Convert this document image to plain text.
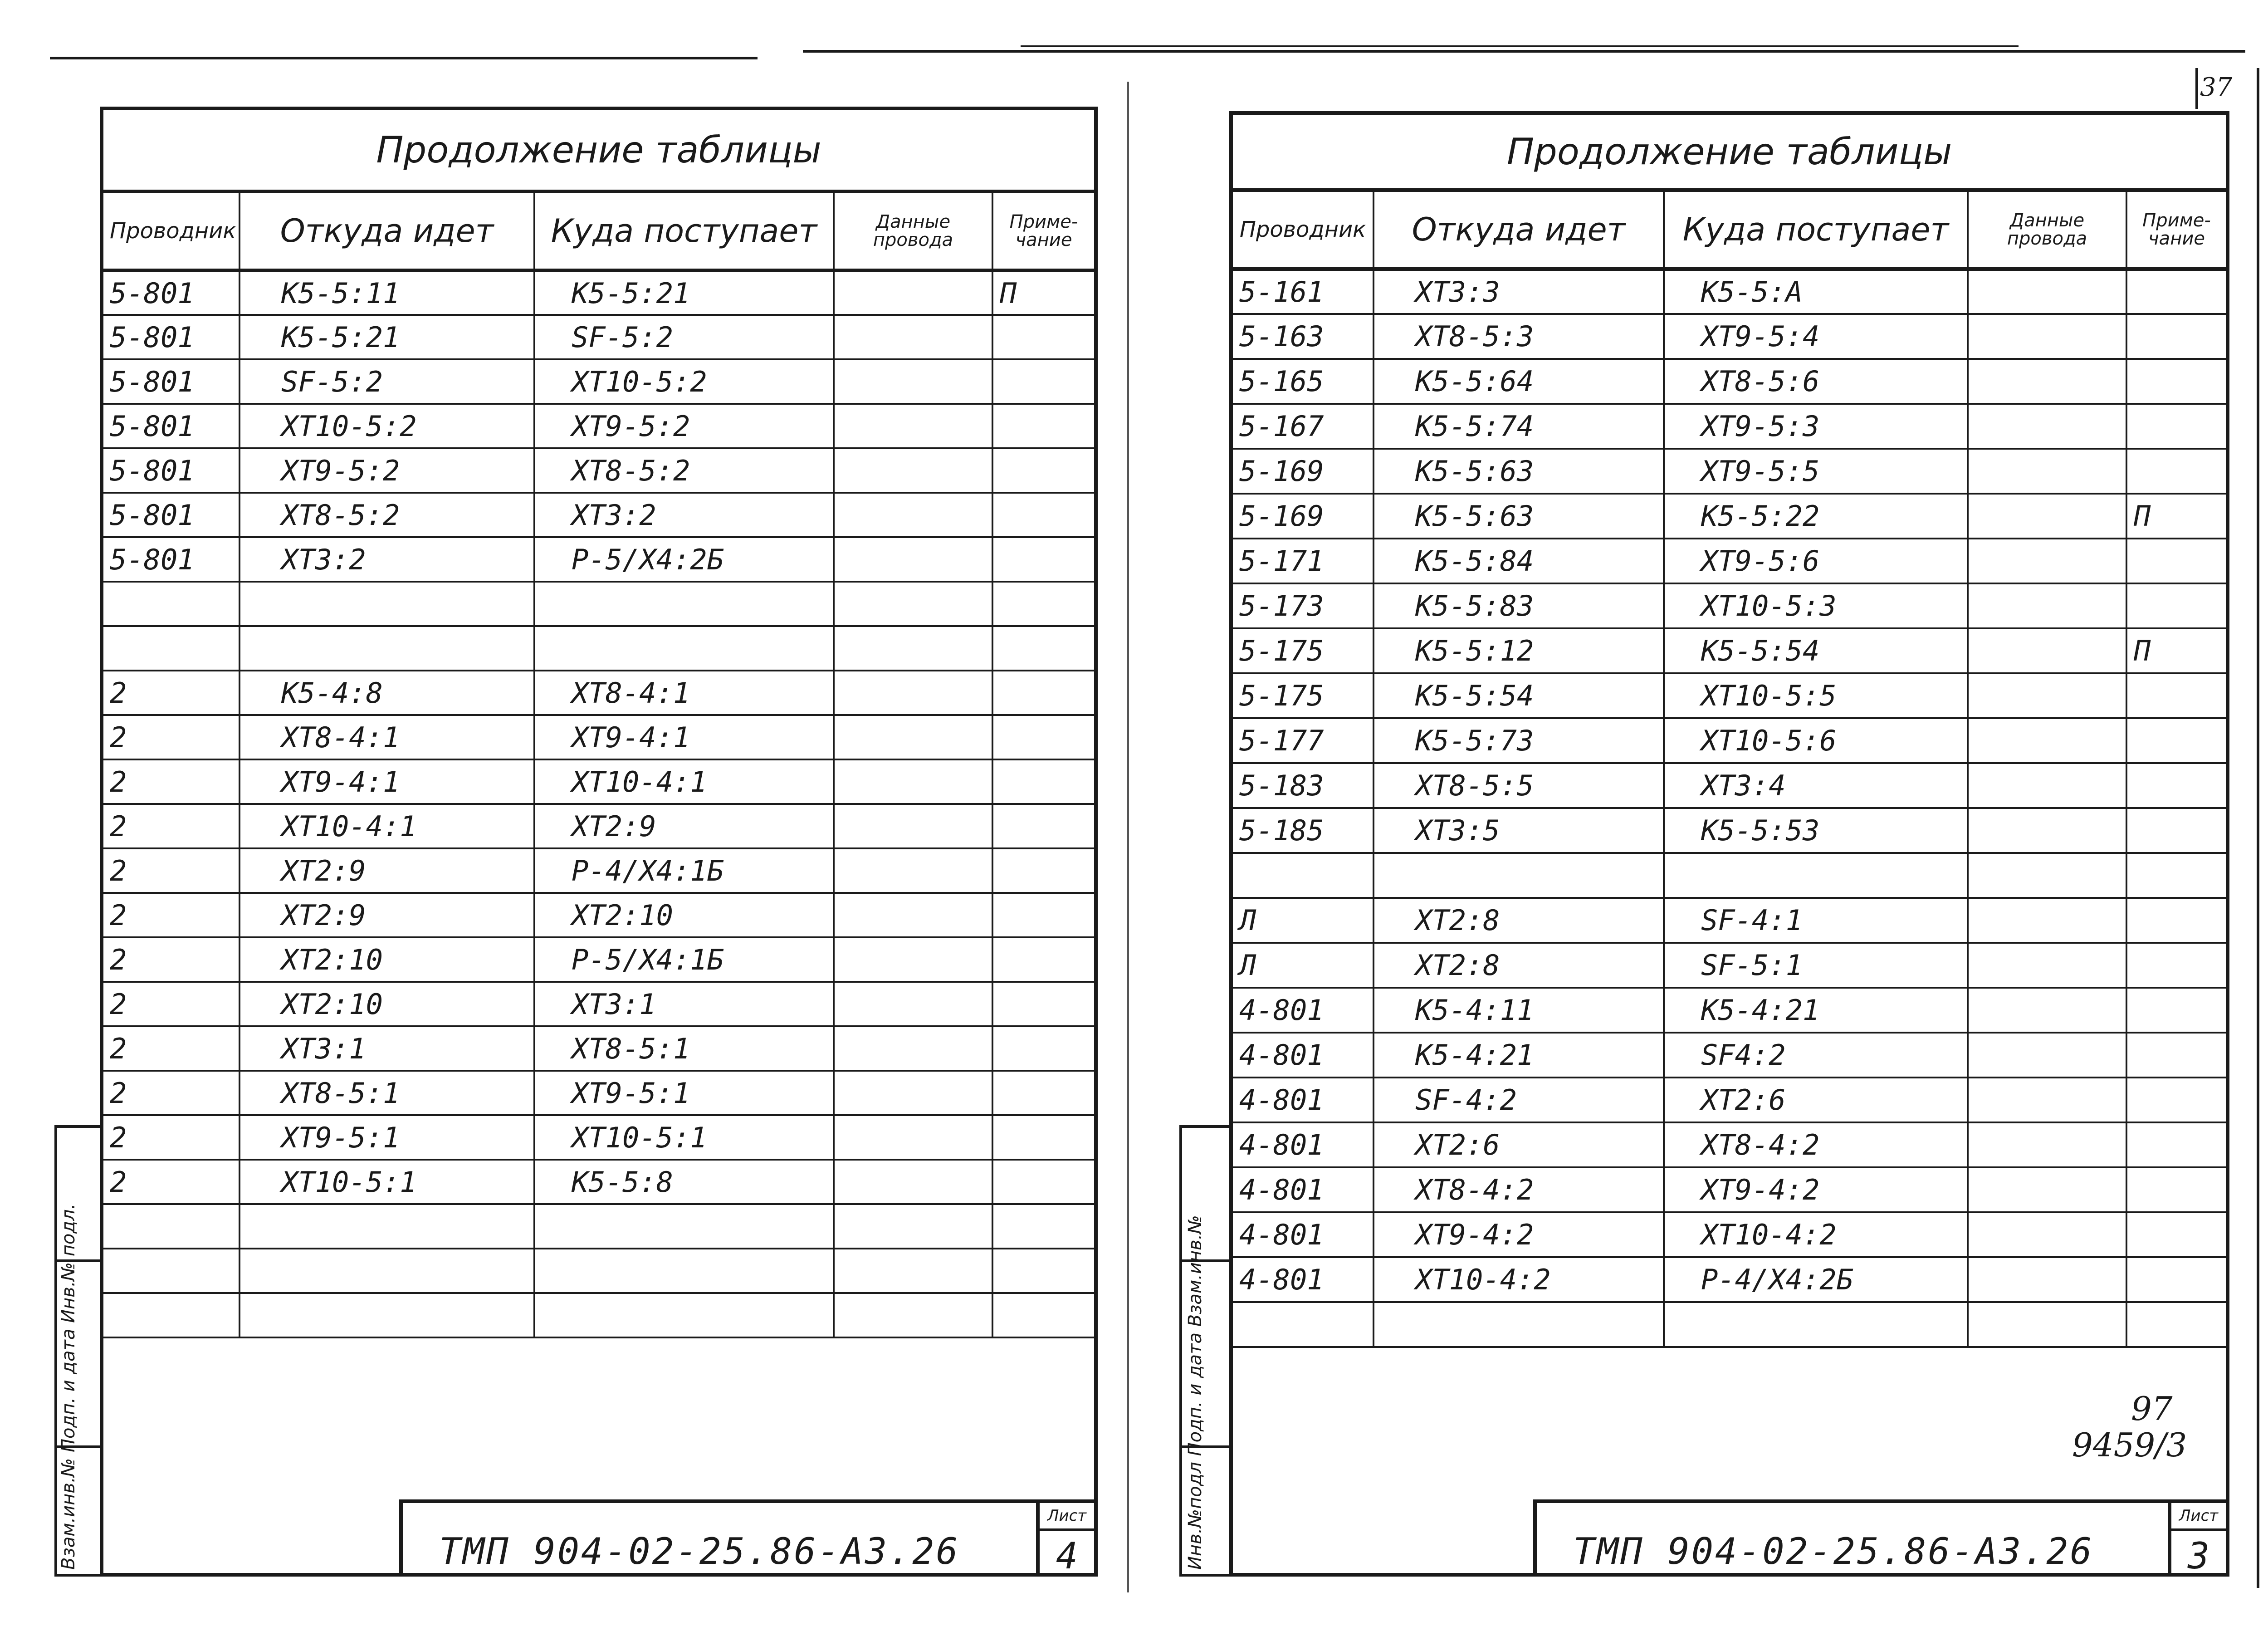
37
Продолжение таблицы
Проводник	Откуда идет	Куда поступает	Данные провода	Приме-чание
5-801	K5-5:11	K5-5:21		П
5-801	K5-5:21	SF-5:2		
5-801	SF-5:2	XT10-5:2		
5-801	XT10-5:2	XT9-5:2		
5-801	XT9-5:2	XT8-5:2		
5-801	XT8-5:2	XT3:2		
5-801	XT3:2	P-5/X4:2Б		

2	K5-4:8	XT8-4:1		
2	XT8-4:1	XT9-4:1		
2	XT9-4:1	XT10-4:1		
2	XT10-4:1	XT2:9		
2	XT2:9	P-4/X4:1Б		
2	XT2:9	XT2:10		
2	XT2:10	P-5/X4:1Б		
2	XT2:10	XT3:1		
2	XT3:1	XT8-5:1		
2	XT8-5:1	XT9-5:1		
2	XT9-5:1	XT10-5:1		
2	XT10-5:1	K5-5:8		

Взам.инв.№ Подп. и дата Инв.№ подл.	ТМП 904-02-25.86-А3.26
Лист
4
Продолжение таблицы
Проводник	Откуда идет	Куда поступает	Данные провода	Приме-чание
5-161	XT3:3	K5-5:A		
5-163	XT8-5:3	XT9-5:4		
5-165	K5-5:64	XT8-5:6		
5-167	K5-5:74	XT9-5:3		
5-169	K5-5:63	XT9-5:5		
5-169	K5-5:63	K5-5:22		П
5-171	K5-5:84	XT9-5:6		
5-173	K5-5:83	XT10-5:3		
5-175	K5-5:12	K5-5:54		П
5-175	K5-5:54	XT10-5:5		
5-177	K5-5:73	XT10-5:6		
5-183	XT8-5:5	XT3:4		
5-185	XT3:5	K5-5:53		

Л	XT2:8	SF-4:1		
Л	XT2:8	SF-5:1		
4-801	K5-4:11	K5-4:21		
4-801	K5-4:21	SF4:2		
4-801	SF-4:2	XT2:6		
4-801	XT2:6	XT8-4:2		
4-801	XT8-4:2	XT9-4:2		
4-801	XT9-4:2	XT10-4:2		
4-801	XT10-4:2	P-4/X4:2Б		

97
9459/3
Инв.№подл Подп. и дата Взам.инв.№	ТМП 904-02-25.86-А3.26
Лист
3
